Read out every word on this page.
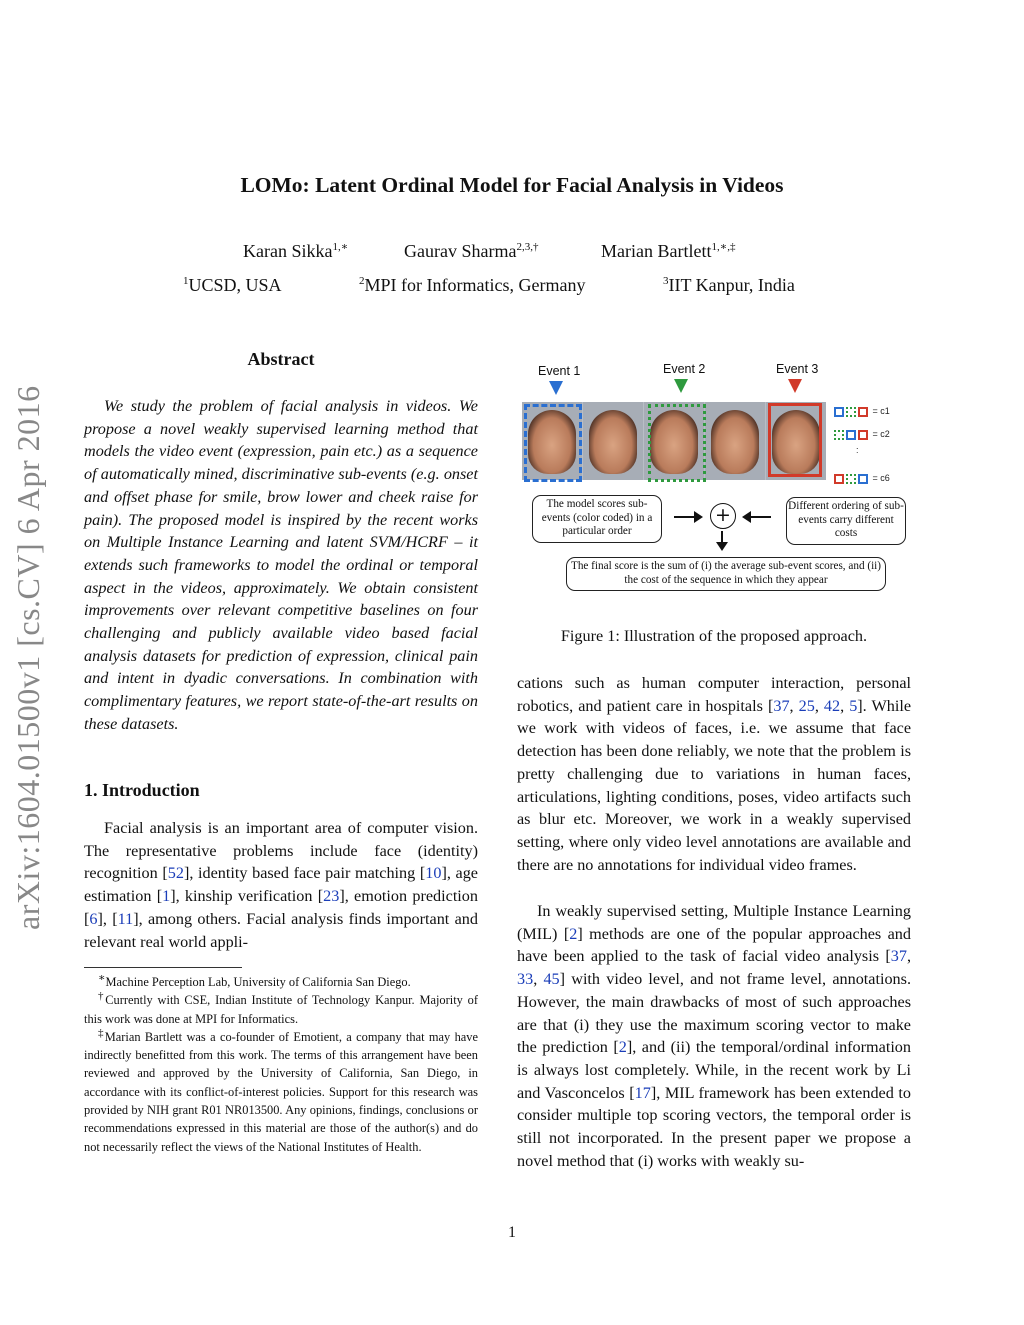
LOMo: Latent Ordinal Model for Facial Analysis in Videos
Karan Sikka$^{1,∗}$	Gaurav Sharma$^{2,3,\dagger}$	Marian Bartlett$^{1,∗,\ddagger}$
$^1$UCSD, USA	$^2$MPI for Informatics, Germany	$^3$IIT Kanpur, India
arXiv:1604.01500v1 [cs.CV] 6 Apr 2016
Abstract
We study the problem of facial analysis in videos. We propose a novel weakly supervised learning method that models the video event (expression, pain etc.) as a sequence of automatically mined, discriminative sub-events (e.g. onset and offset phase for smile, brow lower and cheek raise for pain). The proposed model is inspired by the recent works on Multiple Instance Learning and latent SVM/HCRF – it extends such frameworks to model the ordinal or temporal aspect in the videos, approximately. We obtain consistent improvements over relevant competitive baselines on four challenging and publicly available video based facial analysis datasets for prediction of expression, clinical pain and intent in dyadic conversations. In combination with complimentary features, we report state-of-the-art results on these datasets.
1. Introduction
Facial analysis is an important area of computer vision. The representative problems include face (identity) recognition [52], identity based face pair matching [10], age estimation [1], kinship verification [23], emotion prediction [6], [11], among others. Facial analysis finds important and relevant real world appli-

∗Machine Perception Lab, University of California San Diego.

†Currently with CSE, Indian Institute of Technology Kanpur. Majority of this work was done at MPI for Informatics.

‡Marian Bartlett was a co-founder of Emotient, a company that may have indirectly benefitted from this work. The terms of this arrangement have been reviewed and approved by the University of California, San Diego, in accordance with its conflict-of-interest policies. Support for this research was provided by NIH grant R01 NR013500. Any opinions, findings, conclusions or recommendations expressed in this material are those of the author(s) and do not necessarily reflect the views of the National Institutes of Health.

Event 1	Event 2	Event 3
= c1
= c2
:
= c6
The model scores sub-events (color coded) in a particular order
Different ordering of sub-events carry different costs
+
The final score is the sum of (i) the average sub-event scores, and (ii) the cost of the sequence in which they appear
Figure 1: Illustration of the proposed approach.
cations such as human computer interaction, personal robotics, and patient care in hospitals [37, 25, 42, 5]. While we work with videos of faces, i.e. we assume that face detection has been done reliably, we note that the problem is pretty challenging due to variations in human faces, articulations, lighting conditions, poses, video artifacts such as blur etc. Moreover, we work in a weakly supervised setting, where only video level annotations are available and there are no annotations for individual video frames.
In weakly supervised setting, Multiple Instance Learning (MIL) [2] methods are one of the popular approaches and have been applied to the task of facial video analysis [37, 33, 45] with video level, and not frame level, annotations. However, the main drawbacks of most of such approaches are that (i) they use the maximum scoring vector to make the prediction [2], and (ii) the temporal/ordinal information is always lost completely. While, in the recent work by Li and Vasconcelos [17], MIL framework has been extended to consider multiple top scoring vectors, the temporal order is still not incorporated. In the present paper we propose a novel method that (i) works with weakly su-
1
